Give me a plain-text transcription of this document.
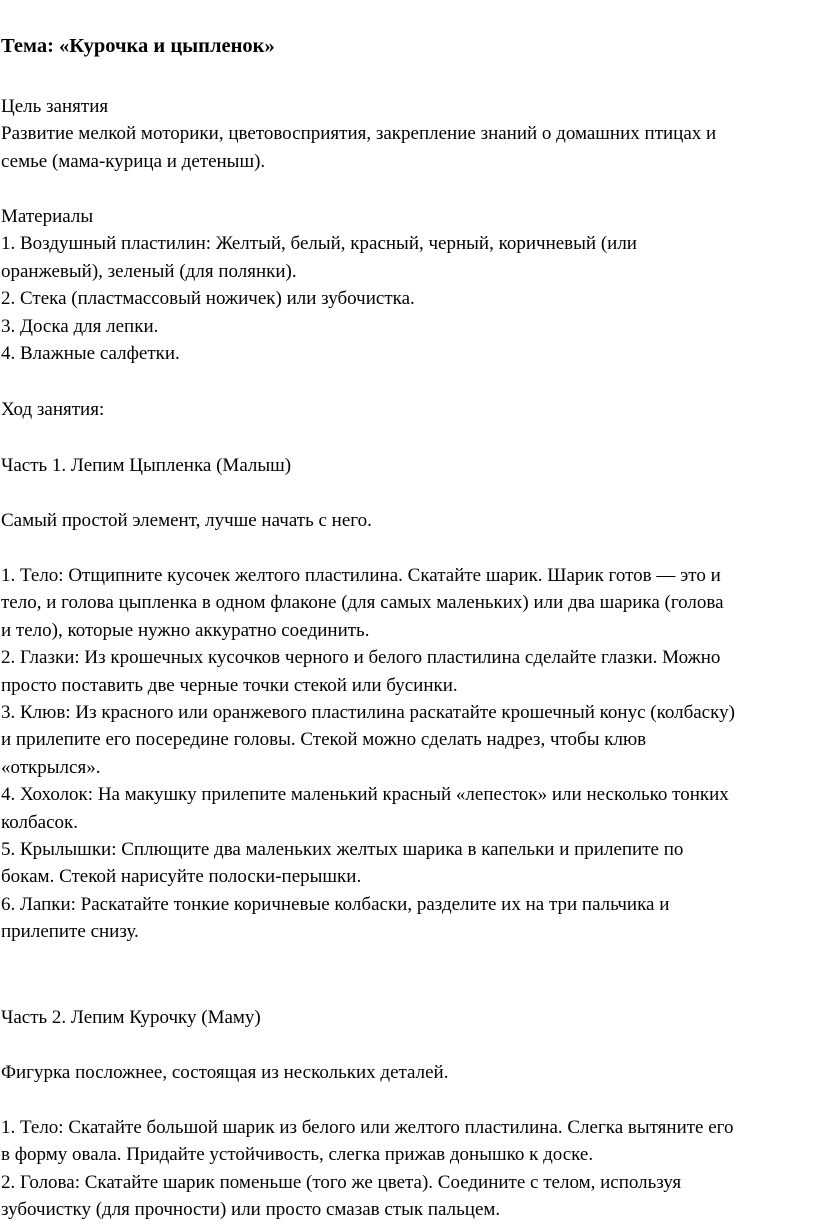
Тема: «Курочка и цыпленок»
Цель занятия
Развитие мелкой моторики, цветовосприятия, закрепление знаний о домашних птицах и
семье (мама-курица и детеныш).
Материалы
1. Воздушный пластилин: Желтый, белый, красный, черный, коричневый (или
оранжевый), зеленый (для полянки).
2. Стека (пластмассовый ножичек) или зубочистка.
3. Доска для лепки.
4. Влажные салфетки.
Ход занятия:
Часть 1. Лепим Цыпленка (Малыш)
Самый простой элемент, лучше начать с него.
1. Тело: Отщипните кусочек желтого пластилина. Скатайте шарик. Шарик готов — это и
тело, и голова цыпленка в одном флаконе (для самых маленьких) или два шарика (голова
и тело), которые нужно аккуратно соединить.
2. Глазки: Из крошечных кусочков черного и белого пластилина сделайте глазки. Можно
просто поставить две черные точки стекой или бусинки.
3. Клюв: Из красного или оранжевого пластилина раскатайте крошечный конус (колбаску)
и прилепите его посередине головы. Стекой можно сделать надрез, чтобы клюв
«открылся».
4. Хохолок: На макушку прилепите маленький красный «лепесток» или несколько тонких
колбасок.
5. Крылышки: Сплющите два маленьких желтых шарика в капельки и прилепите по
бокам. Стекой нарисуйте полоски-перышки.
6. Лапки: Раскатайте тонкие коричневые колбаски, разделите их на три пальчика и
прилепите снизу.
Часть 2. Лепим Курочку (Маму)
Фигурка посложнее, состоящая из нескольких деталей.
1. Тело: Скатайте большой шарик из белого или желтого пластилина. Слегка вытяните его
в форму овала. Придайте устойчивость, слегка прижав донышко к доске.
2. Голова: Скатайте шарик поменьше (того же цвета). Соедините с телом, используя
зубочистку (для прочности) или просто смазав стык пальцем.
